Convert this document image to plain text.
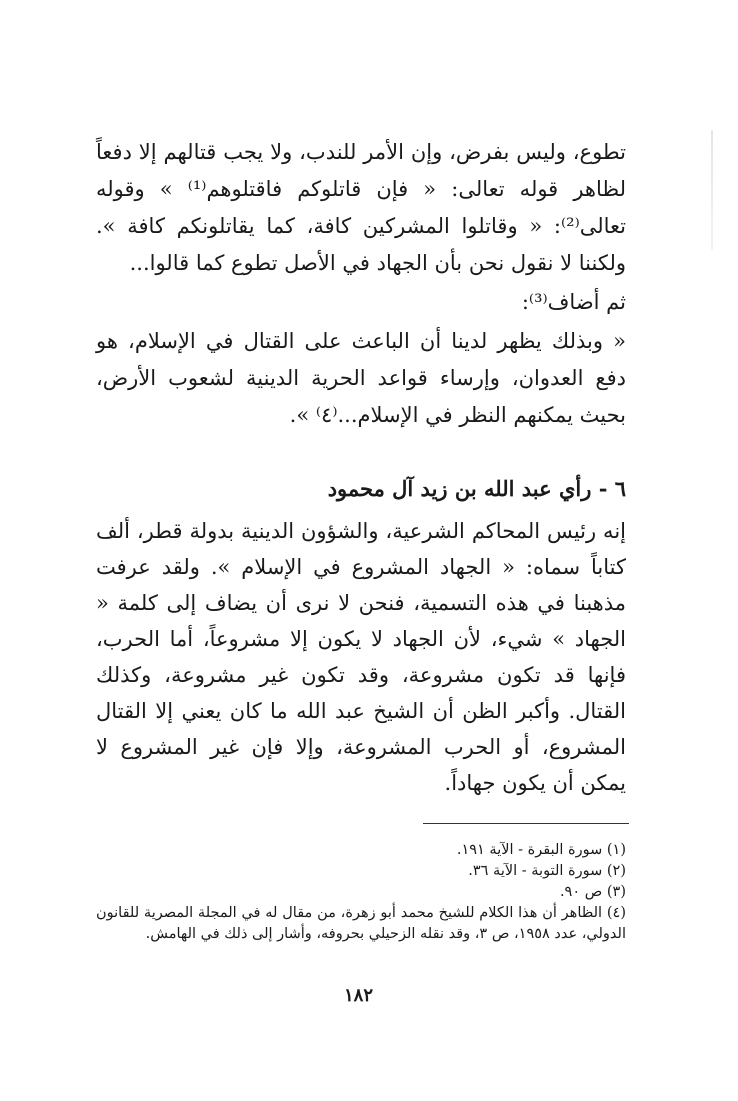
تطوع، وليس بفرض، وإن الأمر للندب، ولا يجب قتالهم إلا دفعاً لظاهر قوله تعالى: « فإن قاتلوكم فاقتلوهم⁽¹⁾ » وقوله تعالى⁽²⁾: « وقاتلوا المشركين كافة، كما يقاتلونكم كافة ». ولكننا لا نقول نحن بأن الجهاد في الأصل تطوع كما قالوا...

ثم أضاف⁽³⁾:

« وبذلك يظهر لدينا أن الباعث على القتال في الإسلام، هو دفع العدوان، وإرساء قواعد الحرية الدينية لشعوب الأرض، بحيث يمكنهم النظر في الإسلام...⁽٤⁾ ».

٦ - رأي عبد الله بن زيد آل محمود

إنه رئيس المحاكم الشرعية، والشؤون الدينية بدولة قطر، ألف كتاباً سماه: « الجهاد المشروع في الإسلام ». ولقد عرفت مذهبنا في هذه التسمية، فنحن لا نرى أن يضاف إلى كلمة « الجهاد » شيء، لأن الجهاد لا يكون إلا مشروعاً، أما الحرب، فإنها قد تكون مشروعة، وقد تكون غير مشروعة، وكذلك القتال. وأكبر الظن أن الشيخ عبد الله ما كان يعني إلا القتال المشروع، أو الحرب المشروعة، وإلا فإن غير المشروع لا يمكن أن يكون جهاداً.

(١) سورة البقرة - الآية ١٩١.

(٢) سورة التوبة - الآية ٣٦.

(٣) ص ٩٠.

(٤) الظاهر أن هذا الكلام للشيخ محمد أبو زهرة، من مقال له في المجلة المصرية للقانون الدولي، عدد ١٩٥٨، ص ٣، وقد نقله الزحيلي بحروفه، وأشار إلى ذلك في الهامش.

١٨٢
